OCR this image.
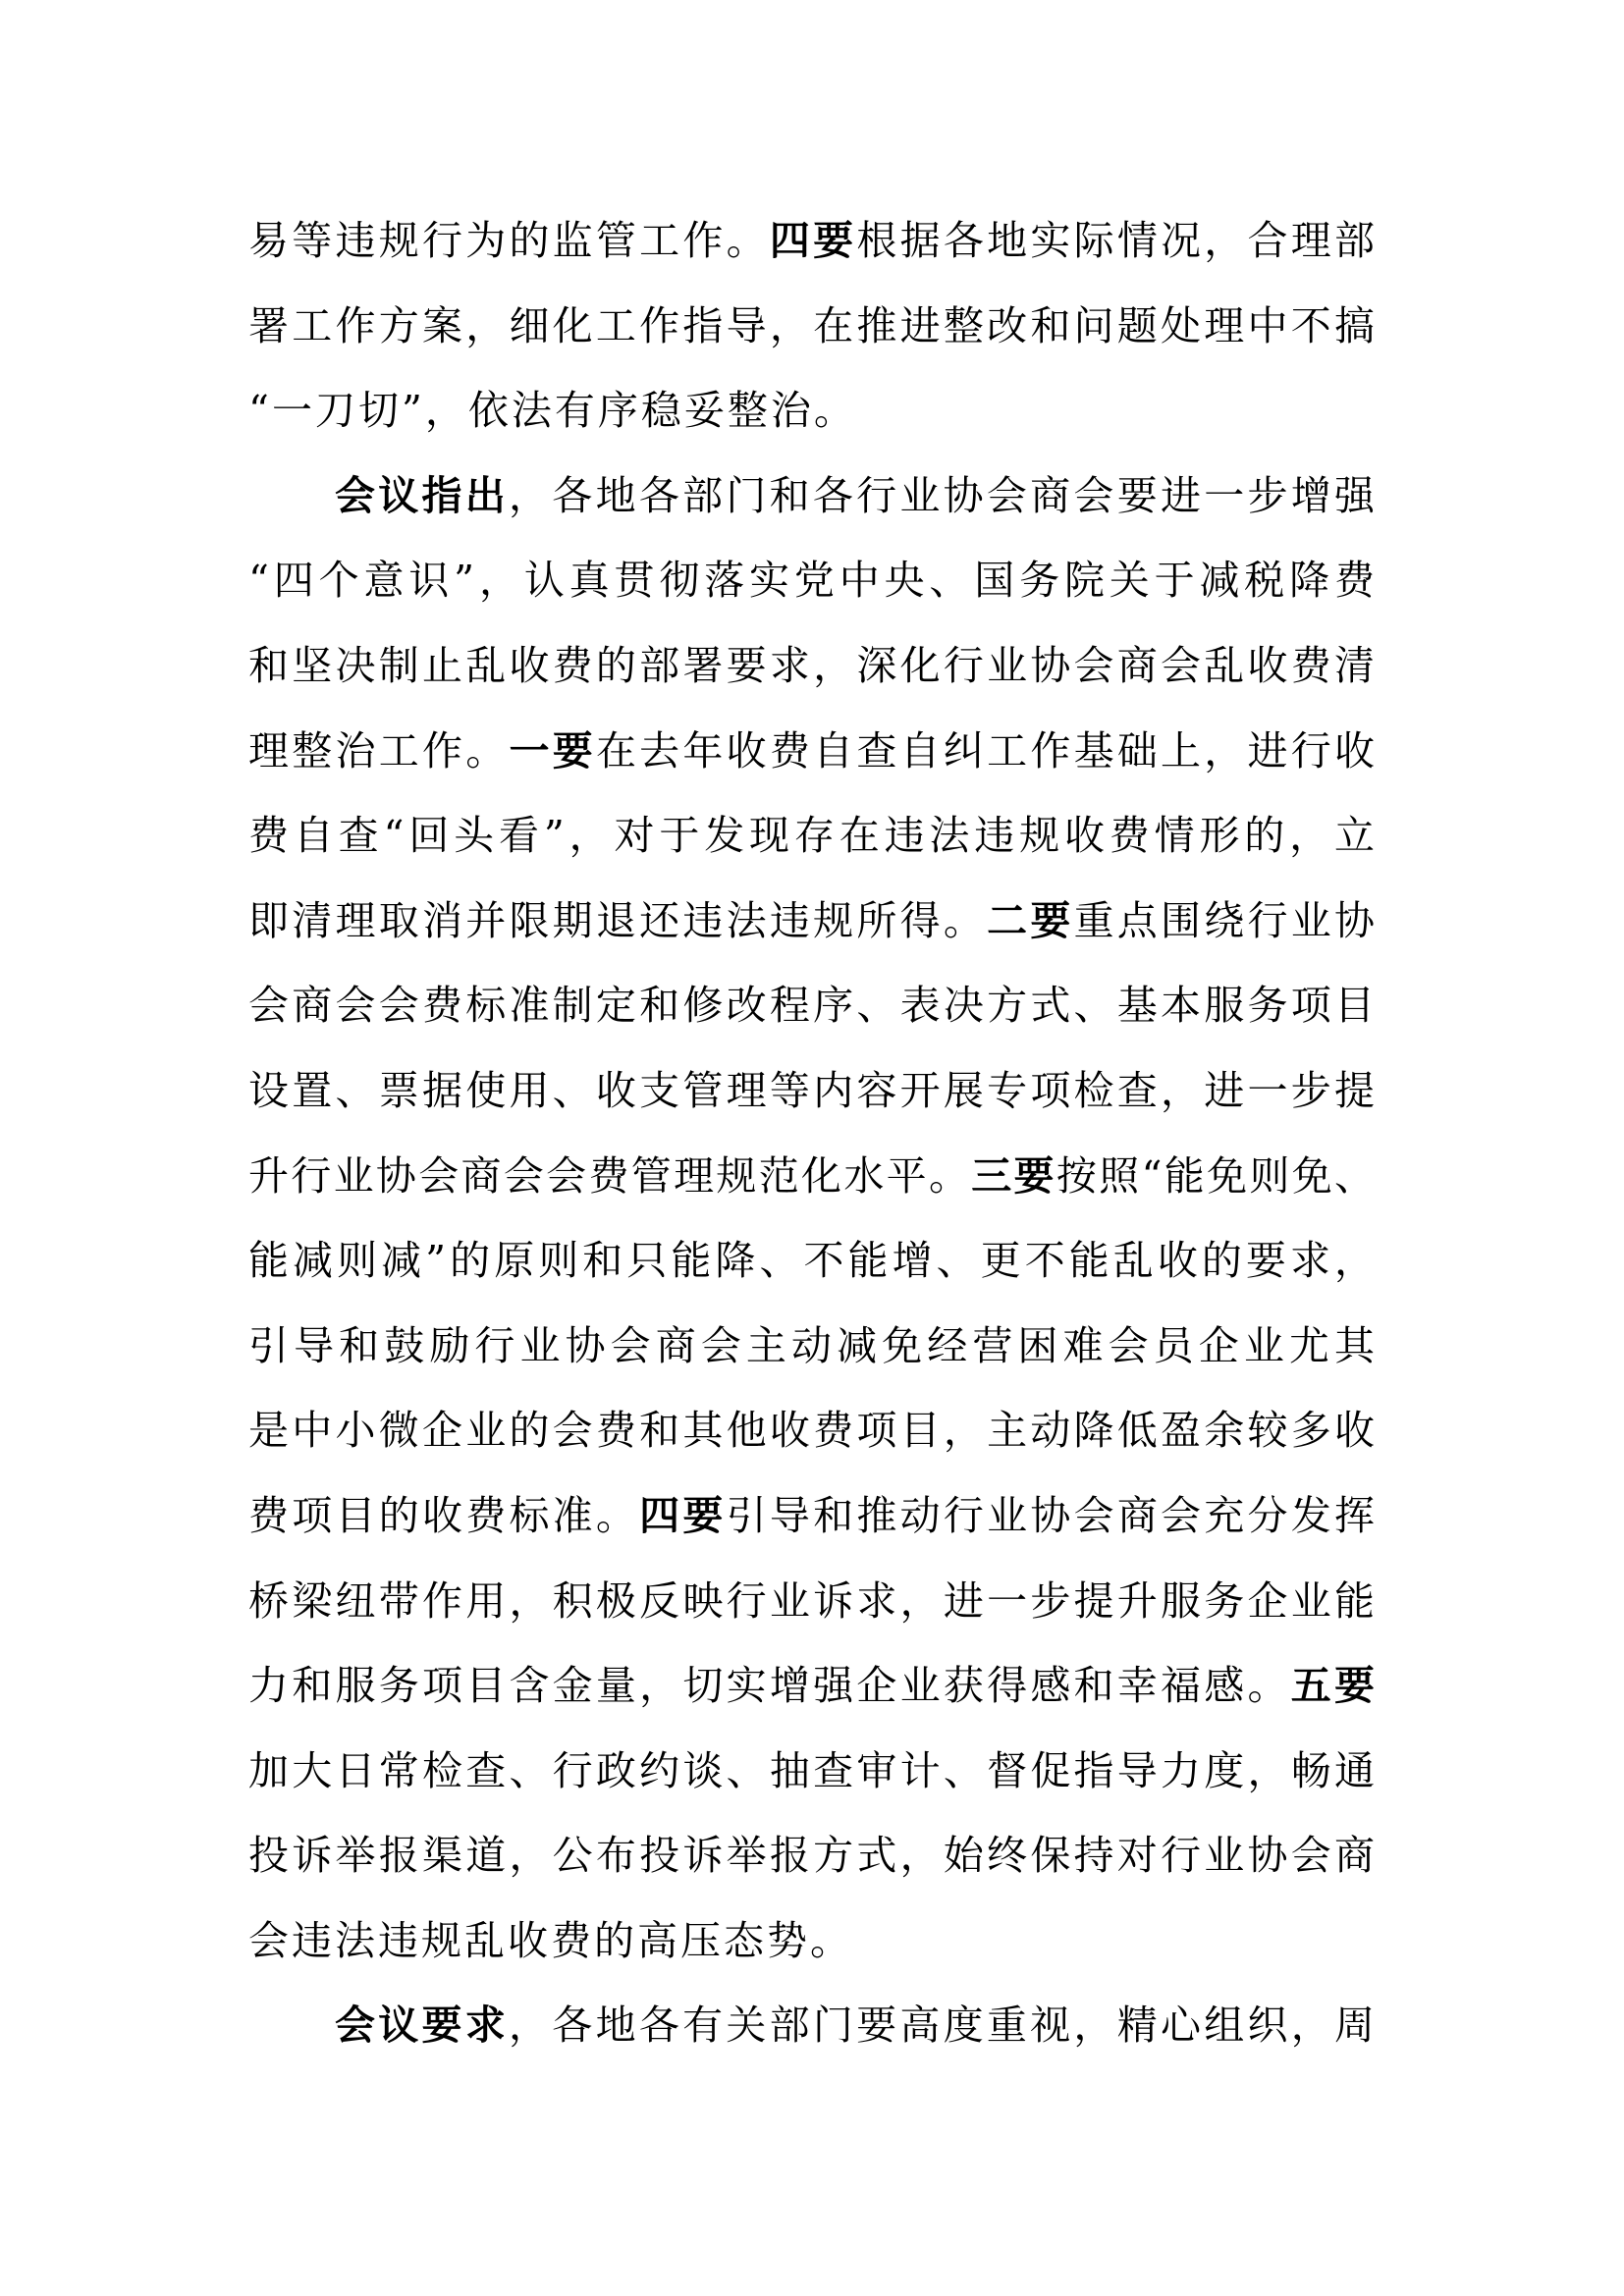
易等违规行为的监管工作。四要根据各地实际情况，合理部
署工作方案，细化工作指导，在推进整改和问题处理中不搞
“一刀切”，依法有序稳妥整治。
会议指出，各地各部门和各行业协会商会要进一步增强
“四个意识”，认真贯彻落实党中央、国务院关于减税降费
和坚决制止乱收费的部署要求，深化行业协会商会乱收费清
理整治工作。一要在去年收费自查自纠工作基础上，进行收
费自查“回头看”，对于发现存在违法违规收费情形的，立
即清理取消并限期退还违法违规所得。二要重点围绕行业协
会商会会费标准制定和修改程序、表决方式、基本服务项目
设置、票据使用、收支管理等内容开展专项检查，进一步提
升行业协会商会会费管理规范化水平。三要按照“能免则免、
能减则减”的原则和只能降、不能增、更不能乱收的要求，
引导和鼓励行业协会商会主动减免经营困难会员企业尤其
是中小微企业的会费和其他收费项目，主动降低盈余较多收
费项目的收费标准。四要引导和推动行业协会商会充分发挥
桥梁纽带作用，积极反映行业诉求，进一步提升服务企业能
力和服务项目含金量，切实增强企业获得感和幸福感。五要
加大日常检查、行政约谈、抽查审计、督促指导力度，畅通
投诉举报渠道，公布投诉举报方式，始终保持对行业协会商
会违法违规乱收费的高压态势。
会议要求，各地各有关部门要高度重视，精心组织，周
